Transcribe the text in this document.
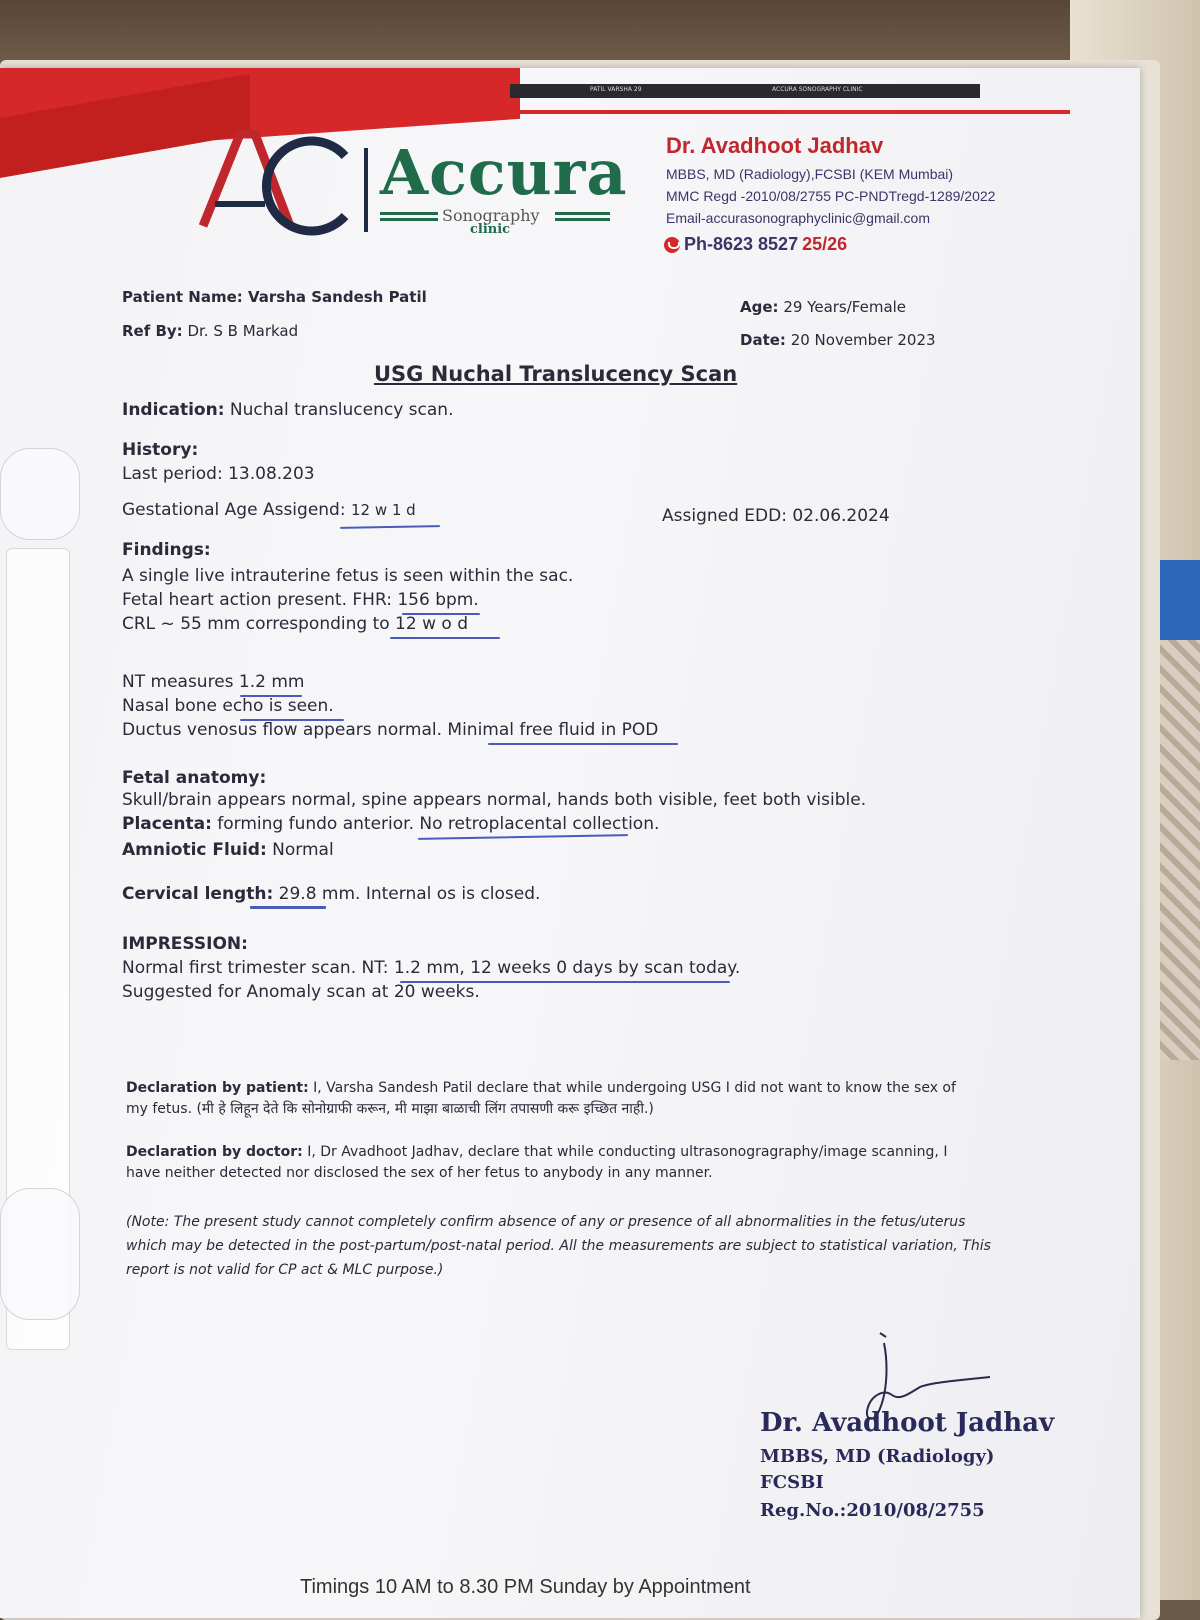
PATIL VARSHA 29	ACCURA SONOGRAPHY CLINIC
Accura
Sonography
clinic
Dr. Avadhoot Jadhav
MBBS, MD (Radiology),FCSBI (KEM Mumbai)
MMC Regd -2010/08/2755 PC-PNDTregd-1289/2022
Email-accurasonographyclinic@gmail.com
Ph-8623 8527 25/26
Patient Name: Varsha Sandesh Patil
Ref By: Dr. S B Markad
Age: 29 Years/Female
Date: 20 November 2023
USG Nuchal Translucency Scan
Indication: Nuchal translucency scan.
History:
Last period: 13.08.203
Gestational Age Assigend: 12 w 1 d	Assigned EDD: 02.06.2024
Findings:
A single live intrauterine fetus is seen within the sac.
Fetal heart action present. FHR: 156 bpm.
CRL ~ 55 mm corresponding to 12 w o d
NT measures 1.2 mm
Nasal bone echo is seen.
Ductus venosus flow appears normal. Minimal free fluid in POD
Fetal anatomy:
Skull/brain appears normal, spine appears normal, hands both visible, feet both visible.
Placenta: forming fundo anterior. No retroplacental collection.
Amniotic Fluid: Normal
Cervical length: 29.8 mm. Internal os is closed.
IMPRESSION:
Normal first trimester scan. NT: 1.2 mm, 12 weeks 0 days by scan today.
Suggested for Anomaly scan at 20 weeks.
Declaration by patient: I, Varsha Sandesh Patil declare that while undergoing USG I did not want to know the sex of
my fetus. (मी हे लिहून देते कि सोनोग्राफी करून, मी माझा बाळाची लिंग तपासणी करू इच्छित नाही.)
Declaration by doctor: I, Dr Avadhoot Jadhav, declare that while conducting ultrasonogragraphy/image scanning, I
have neither detected nor disclosed the sex of her fetus to anybody in any manner.
(Note: The present study cannot completely confirm absence of any or presence of all abnormalities in the fetus/uterus
which may be detected in the post-partum/post-natal period. All the measurements are subject to statistical variation, This
report is not valid for CP act & MLC purpose.)
Dr. Avadhoot Jadhav
MBBS, MD (Radiology)
FCSBI
Reg.No.:2010/08/2755
Timings 10 AM to 8.30 PM Sunday by Appointment
